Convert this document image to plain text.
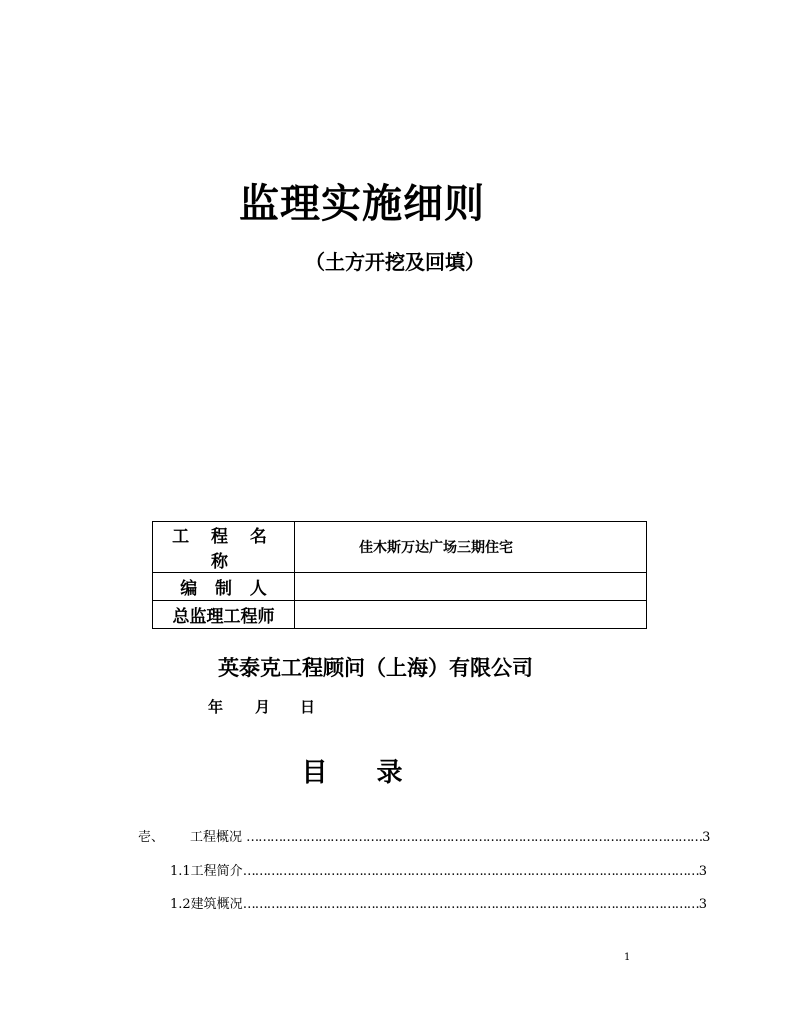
监理实施细则
（土方开挖及回填）
工 程 名 称	佳木斯万达广场三期住宅
编   制   人	
总监理工程师	
英泰克工程顾问（上海）有限公司
年 月 日
目 录
壱、 工程概况 …………………………………………………………………………………………………… 3
1.1工程简介 …………………………………………………………………………………………………… 3
1.2建筑概况 …………………………………………………………………………………………………… 3
1
